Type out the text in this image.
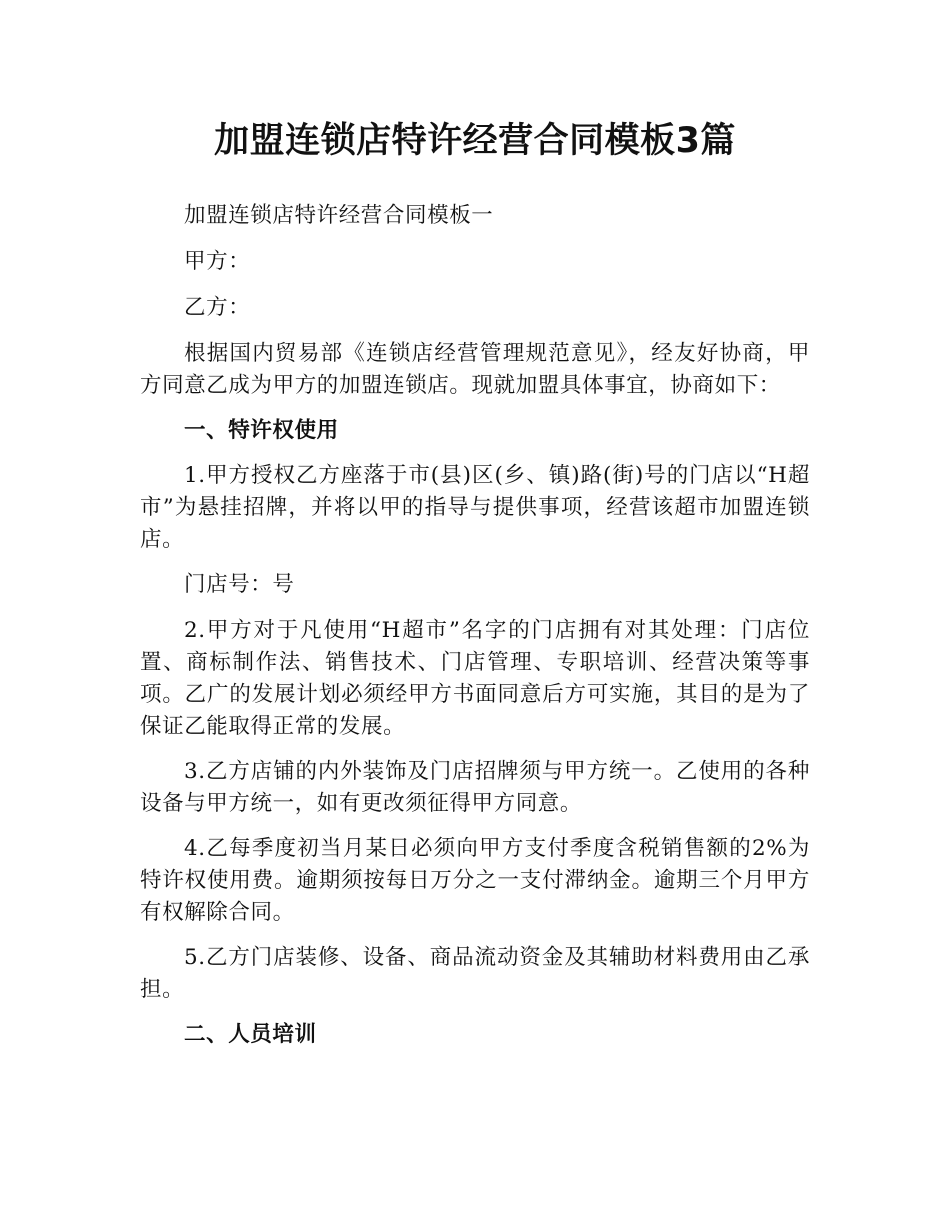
加盟连锁店特许经营合同模板3篇

加盟连锁店特许经营合同模板一

甲方：

乙方：

根据国内贸易部《连锁店经营管理规范意见》，经友好协商，甲方同意乙成为甲方的加盟连锁店。现就加盟具体事宜，协商如下：

一、特许权使用

1.甲方授权乙方座落于市(县)区(乡、镇)路(街)号的门店以“H超市”为悬挂招牌，并将以甲的指导与提供事项，经营该超市加盟连锁店。

门店号：号

2.甲方对于凡使用“H超市”名字的门店拥有对其处理：门店位置、商标制作法、销售技术、门店管理、专职培训、经营决策等事项。乙广的发展计划必须经甲方书面同意后方可实施，其目的是为了保证乙能取得正常的发展。

3.乙方店铺的内外装饰及门店招牌须与甲方统一。乙使用的各种设备与甲方统一，如有更改须征得甲方同意。

4.乙每季度初当月某日必须向甲方支付季度含税销售额的2%为特许权使用费。逾期须按每日万分之一支付滞纳金。逾期三个月甲方有权解除合同。

5.乙方门店装修、设备、商品流动资金及其辅助材料费用由乙承担。

二、人员培训
